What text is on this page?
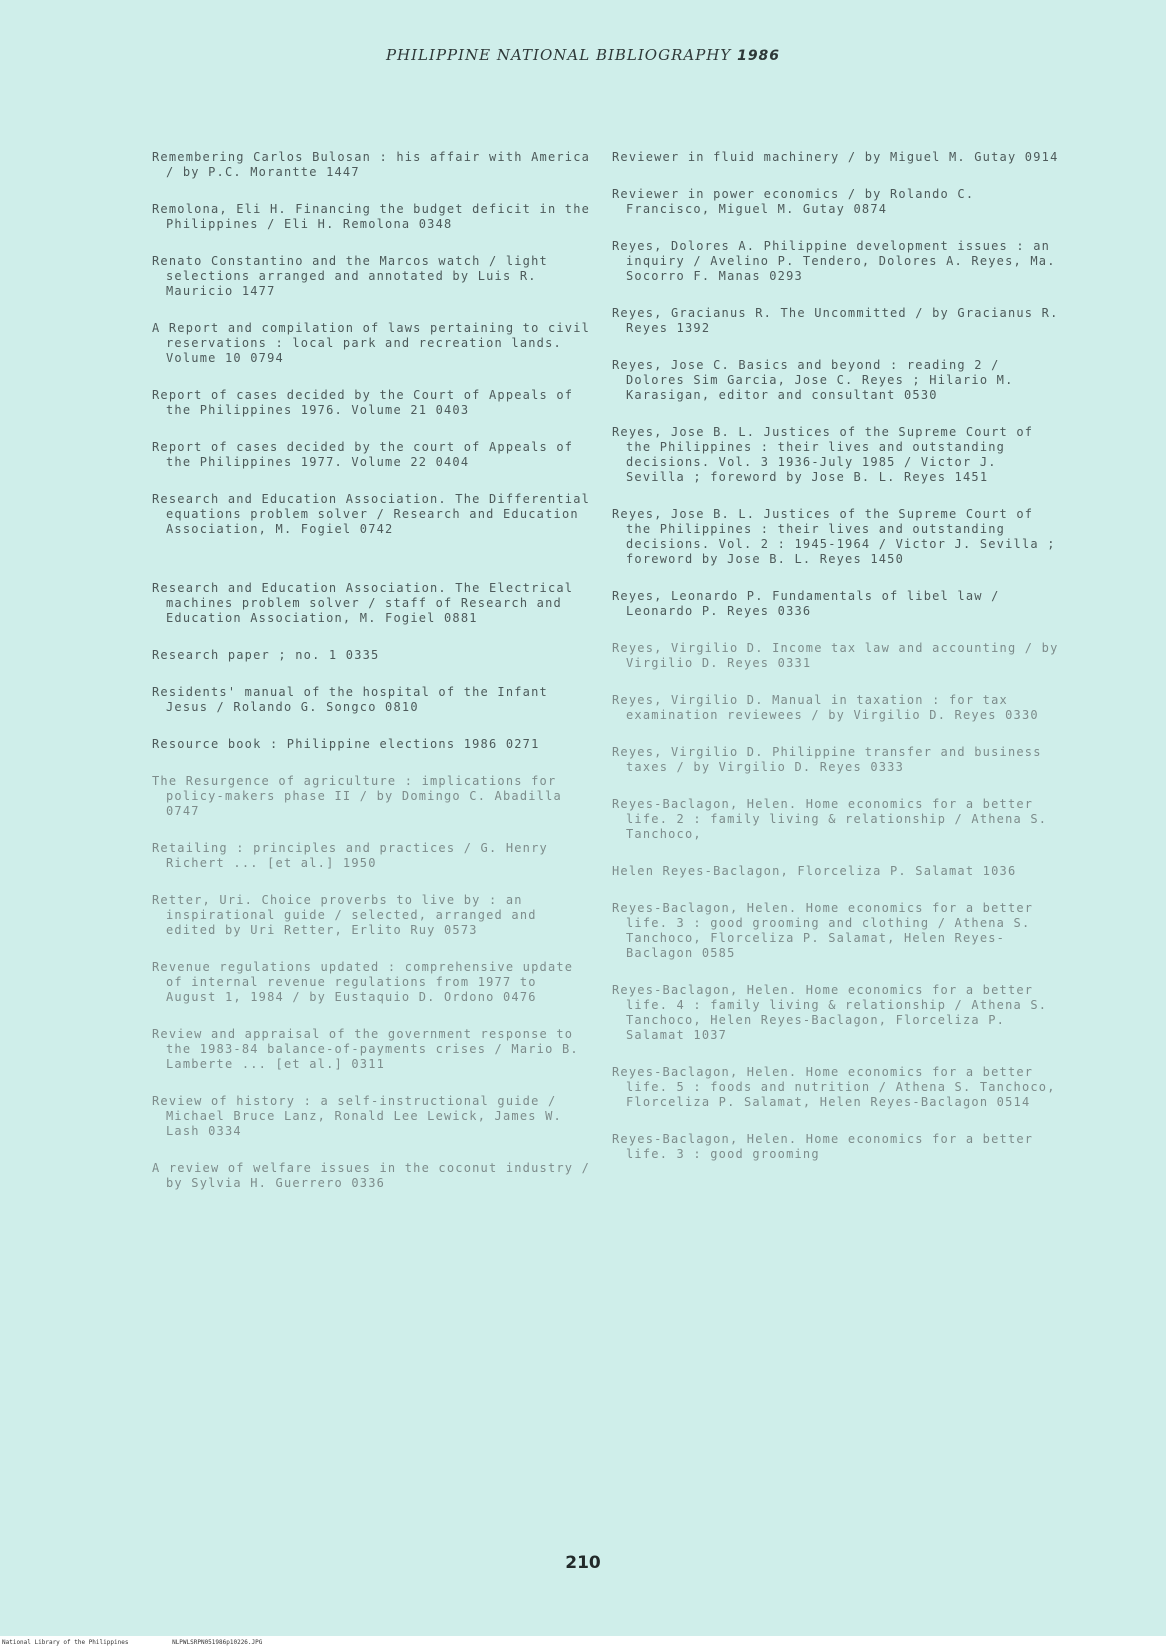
PHILIPPINE NATIONAL BIBLIOGRAPHY 1986

Remembering Carlos Bulosan : his affair with America / by P.C. Morantte 1447

Remolona, Eli H. Financing the budget deficit in the Philippines / Eli H. Remolona 0348

Renato Constantino and the Marcos watch / light selections arranged and annotated by Luis R. Mauricio 1477

A Report and compilation of laws pertaining to civil reservations : local park and recreation lands. Volume 10 0794

Report of cases decided by the Court of Appeals of the Philippines 1976. Volume 21 0403

Report of cases decided by the court of Appeals of the Philippines 1977. Volume 22 0404

Research and Education Association. The Differential equations problem solver / Research and Education Association, M. Fogiel 0742

Research and Education Association. The Electrical machines problem solver / staff of Research and Education Association, M. Fogiel 0881

Research paper ; no. 1 0335

Residents' manual of the hospital of the Infant Jesus / Rolando G. Songco 0810

Resource book : Philippine elections 1986 0271

The Resurgence of agriculture : implications for policy-makers phase II / by Domingo C. Abadilla 0747

Retailing : principles and practices / G. Henry Richert ... [et al.] 1950

Retter, Uri. Choice proverbs to live by : an inspirational guide / selected, arranged and edited by Uri Retter, Erlito Ruy 0573

Revenue regulations updated : comprehensive update of internal revenue regulations from 1977 to August 1, 1984 / by Eustaquio D. Ordono 0476

Review and appraisal of the government response to the 1983-84 balance-of-payments crises / Mario B. Lamberte ... [et al.] 0311

Review of history : a self-instructional guide / Michael Bruce Lanz, Ronald Lee Lewick, James W. Lash 0334

A review of welfare issues in the coconut industry / by Sylvia H. Guerrero 0336

Reviewer in fluid machinery / by Miguel M. Gutay 0914

Reviewer in power economics / by Rolando C. Francisco, Miguel M. Gutay 0874

Reyes, Dolores A. Philippine development issues : an inquiry / Avelino P. Tendero, Dolores A. Reyes, Ma. Socorro F. Manas 0293

Reyes, Gracianus R. The Uncommitted / by Gracianus R. Reyes 1392

Reyes, Jose C. Basics and beyond : reading 2 / Dolores Sim Garcia, Jose C. Reyes ; Hilario M. Karasigan, editor and consultant 0530

Reyes, Jose B. L. Justices of the Supreme Court of the Philippines : their lives and outstanding decisions. Vol. 3 1936-July 1985 / Victor J. Sevilla ; foreword by Jose B. L. Reyes 1451

Reyes, Jose B. L. Justices of the Supreme Court of the Philippines : their lives and outstanding decisions. Vol. 2 : 1945-1964 / Victor J. Sevilla ; foreword by Jose B. L. Reyes 1450

Reyes, Leonardo P. Fundamentals of libel law / Leonardo P. Reyes 0336

Reyes, Virgilio D. Income tax law and accounting / by Virgilio D. Reyes 0331

Reyes, Virgilio D. Manual in taxation : for tax examination reviewees / by Virgilio D. Reyes 0330

Reyes, Virgilio D. Philippine transfer and business taxes / by Virgilio D. Reyes 0333

Reyes-Baclagon, Helen. Home economics for a better life. 2 : family living & relationship / Athena S. Tanchoco,

Helen Reyes-Baclagon, Florceliza P. Salamat 1036

Reyes-Baclagon, Helen. Home economics for a better life. 3 : good grooming and clothing / Athena S. Tanchoco, Florceliza P. Salamat, Helen Reyes-Baclagon 0585

Reyes-Baclagon, Helen. Home economics for a better life. 4 : family living & relationship / Athena S. Tanchoco, Helen Reyes-Baclagon, Florceliza P. Salamat 1037

Reyes-Baclagon, Helen. Home economics for a better life. 5 : foods and nutrition / Athena S. Tanchoco, Florceliza P. Salamat, Helen Reyes-Baclagon 0514

Reyes-Baclagon, Helen. Home economics for a better life. 3 : good grooming

210
National Library of the Philippines	NLPWLSRPN051986p10226.JPG
